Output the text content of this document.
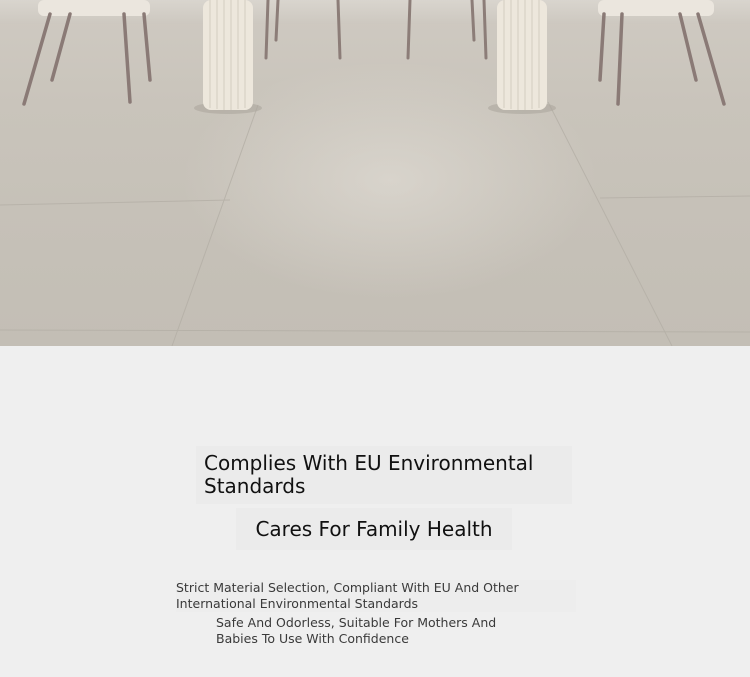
Complies With EU Environmental Standards
Cares For Family Health

Strict Material Selection, Compliant With EU And Other International Environmental Standards

Safe And Odorless, Suitable For Mothers And Babies To Use With Confidence
